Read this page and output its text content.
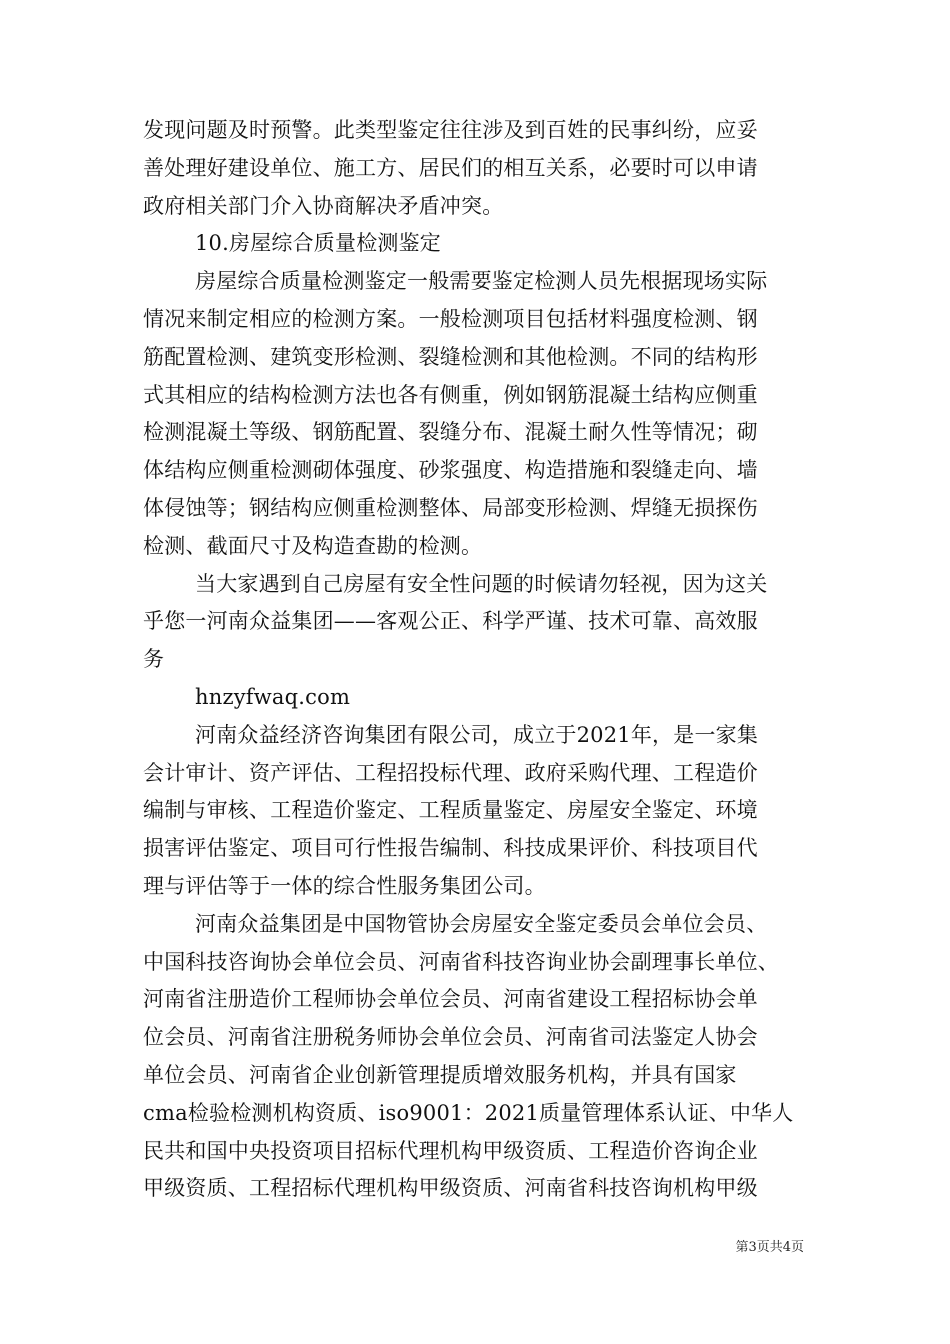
发现问题及时预警。此类型鉴定往往涉及到百姓的民事纠纷，应妥
善处理好建设单位、施工方、居民们的相互关系，必要时可以申请
政府相关部门介入协商解决矛盾冲突。
10.房屋综合质量检测鉴定
房屋综合质量检测鉴定一般需要鉴定检测人员先根据现场实际
情况来制定相应的检测方案。一般检测项目包括材料强度检测、钢
筋配置检测、建筑变形检测、裂缝检测和其他检测。不同的结构形
式其相应的结构检测方法也各有侧重，例如钢筋混凝土结构应侧重
检测混凝土等级、钢筋配置、裂缝分布、混凝土耐久性等情况；砌
体结构应侧重检测砌体强度、砂浆强度、构造措施和裂缝走向、墙
体侵蚀等；钢结构应侧重检测整体、局部变形检测、焊缝无损探伤
检测、截面尺寸及构造查勘的检测。
当大家遇到自己房屋有安全性问题的时候请勿轻视，因为这关
乎您一河南众益集团——客观公正、科学严谨、技术可靠、高效服
务
hnzyfwaq.com
河南众益经济咨询集团有限公司，成立于2021年，是一家集
会计审计、资产评估、工程招投标代理、政府采购代理、工程造价
编制与审核、工程造价鉴定、工程质量鉴定、房屋安全鉴定、环境
损害评估鉴定、项目可行性报告编制、科技成果评价、科技项目代
理与评估等于一体的综合性服务集团公司。
河南众益集团是中国物管协会房屋安全鉴定委员会单位会员、
中国科技咨询协会单位会员、河南省科技咨询业协会副理事长单位、
河南省注册造价工程师协会单位会员、河南省建设工程招标协会单
位会员、河南省注册税务师协会单位会员、河南省司法鉴定人协会
单位会员、河南省企业创新管理提质增效服务机构，并具有国家
cma检验检测机构资质、iso9001：2021质量管理体系认证、中华人
民共和国中央投资项目招标代理机构甲级资质、工程造价咨询企业
甲级资质、工程招标代理机构甲级资质、河南省科技咨询机构甲级
第3页共4页
